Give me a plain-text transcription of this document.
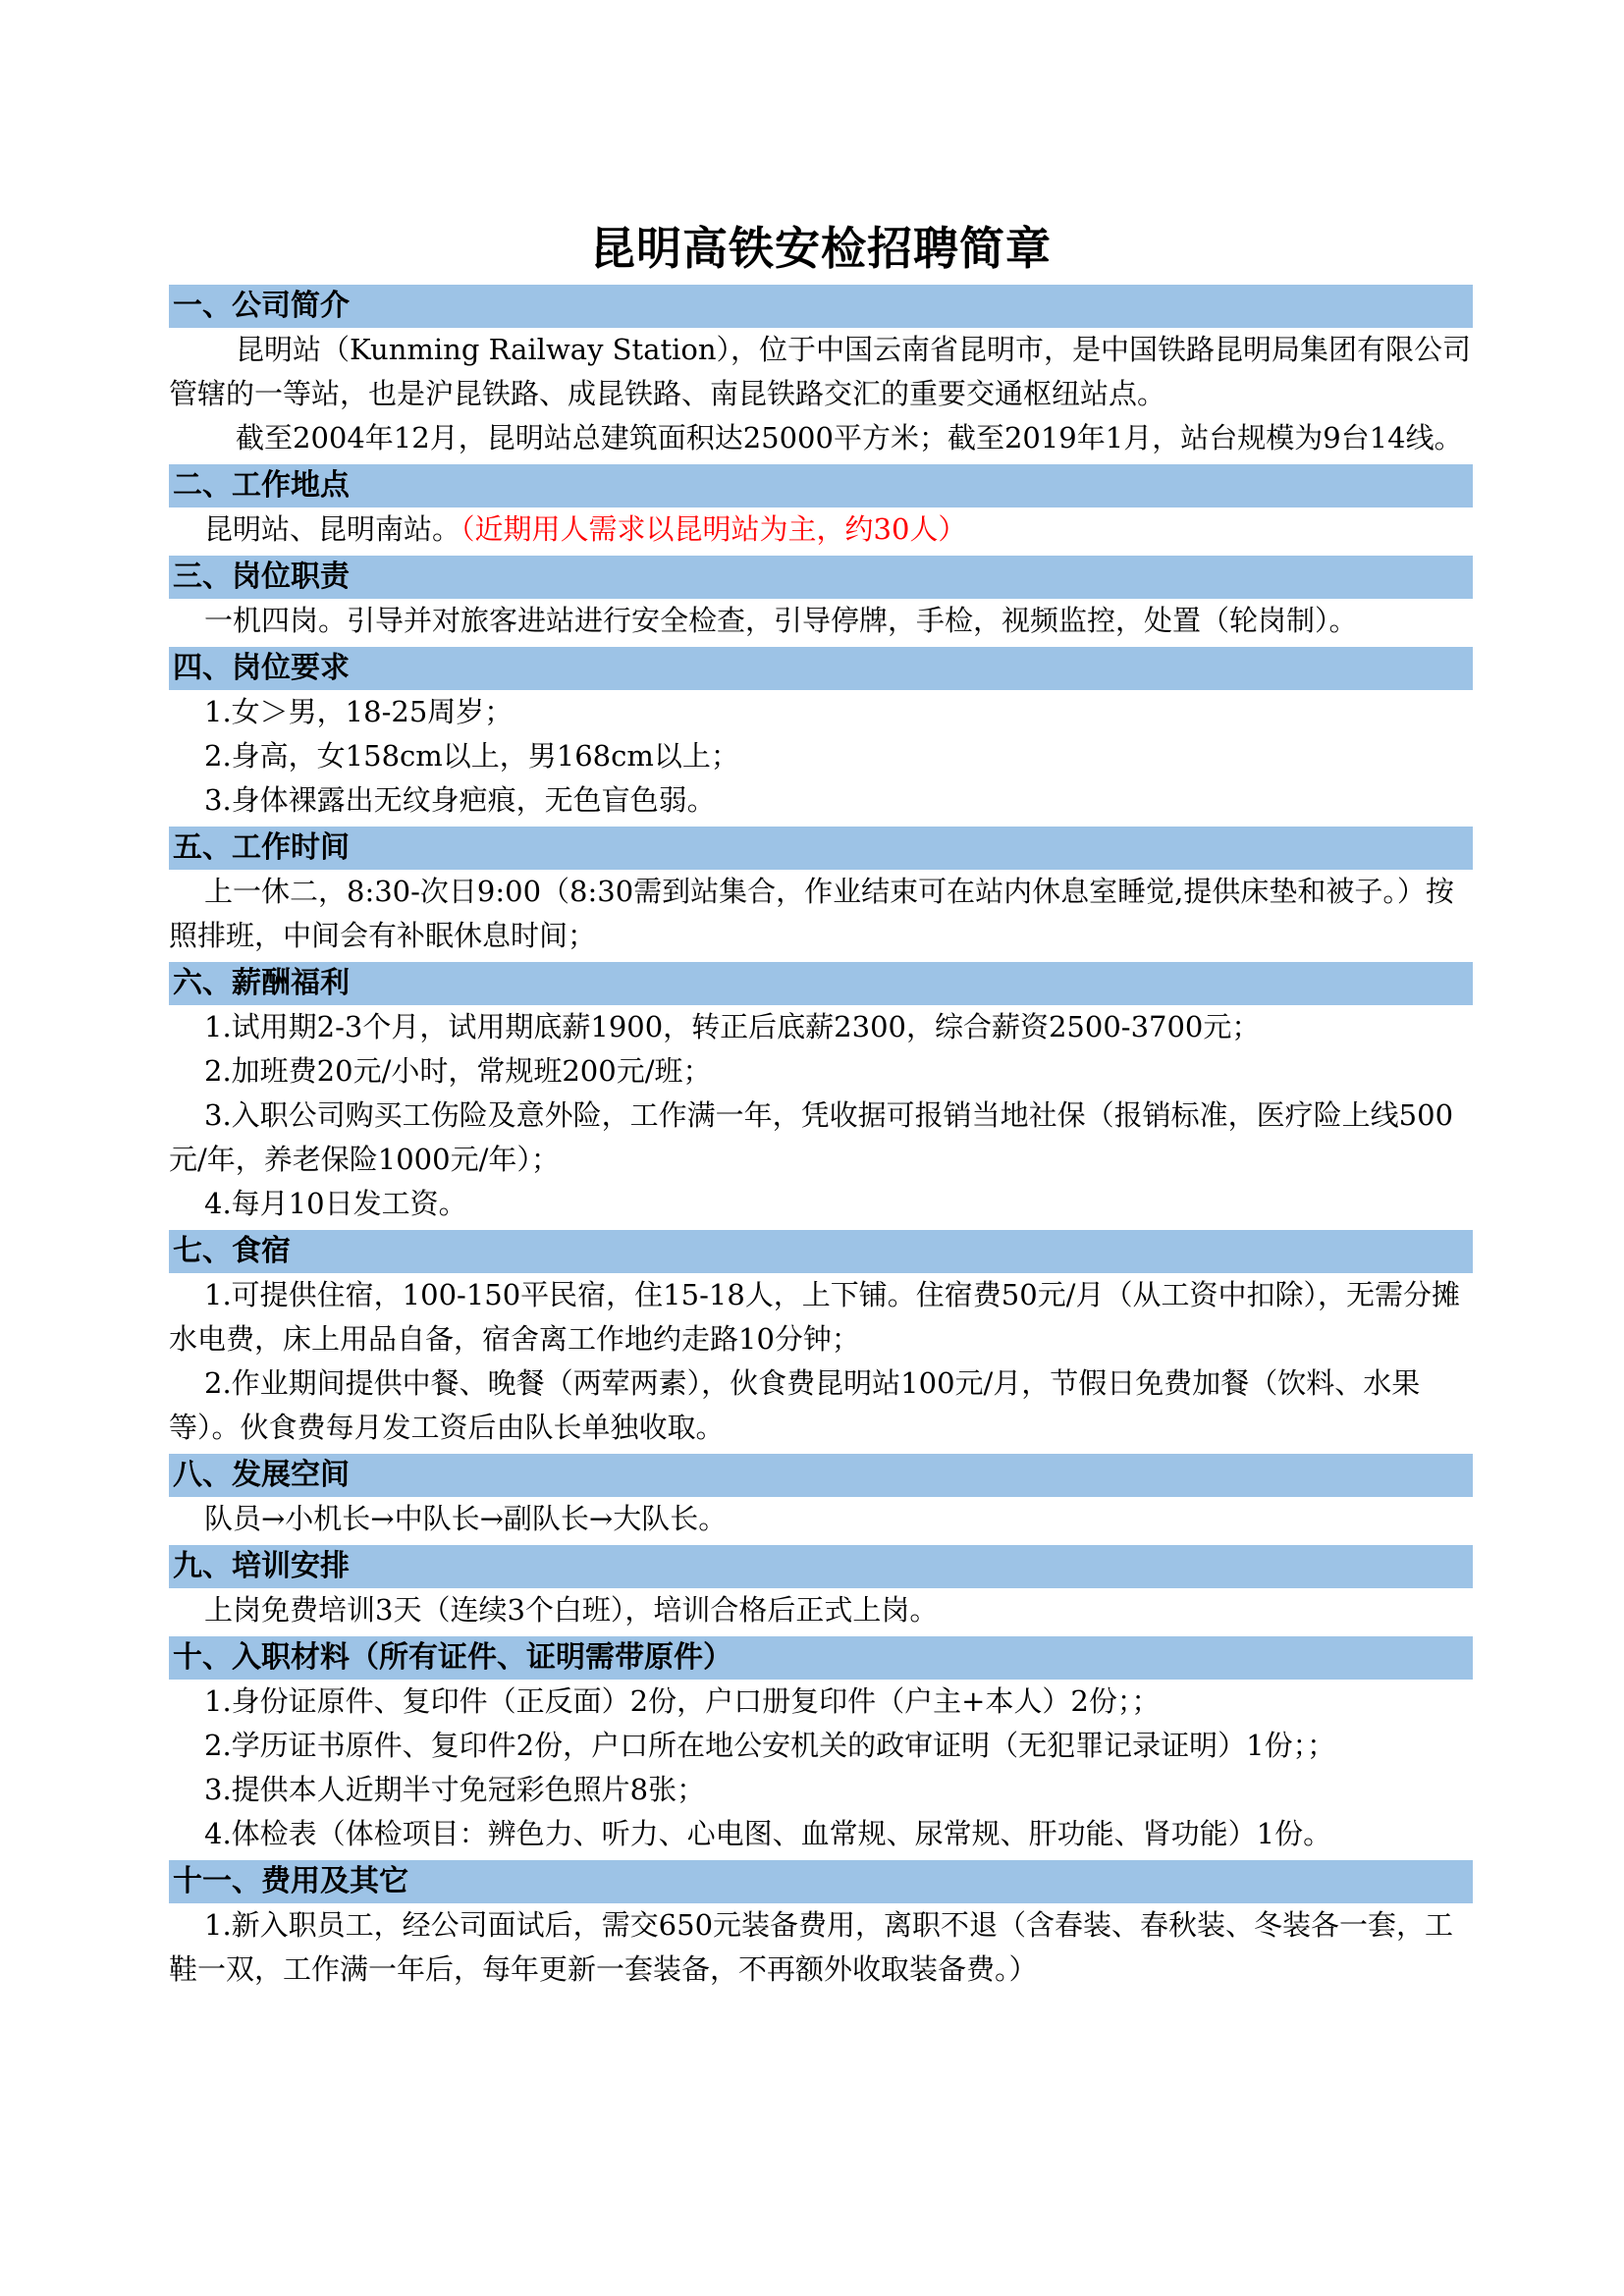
昆明高铁安检招聘简章
一、公司简介

昆明站（Kunming Railway Station），位于中国云南省昆明市，是中国铁路昆明局集团有限公司管辖的一等站，也是沪昆铁路、成昆铁路、南昆铁路交汇的重要交通枢纽站点。

截至2004年12月，昆明站总建筑面积达25000平方米；截至2019年1月，站台规模为9台14线。

二、工作地点

昆明站、昆明南站。（近期用人需求以昆明站为主，约30人）

三、岗位职责

一机四岗。引导并对旅客进站进行安全检查，引导停牌，手检，视频监控，处置（轮岗制）。

四、岗位要求

1.女＞男，18-25周岁；

2.身高，女158cm以上，男168cm以上；

3.身体裸露出无纹身疤痕，无色盲色弱。

五、工作时间

上一休二，8:30-次日9:00（8:30需到站集合，作业结束可在站内休息室睡觉,提供床垫和被子。）按照排班，中间会有补眠休息时间；

六、薪酬福利

1.试用期2-3个月，试用期底薪1900，转正后底薪2300，综合薪资2500-3700元；

2.加班费20元/小时，常规班200元/班；

3.入职公司购买工伤险及意外险，工作满一年，凭收据可报销当地社保（报销标准，医疗险上线500元/年，养老保险1000元/年）；

4.每月10日发工资。

七、食宿

1.可提供住宿，100-150平民宿，住15-18人，上下铺。住宿费50元/月（从工资中扣除），无需分摊水电费，床上用品自备，宿舍离工作地约走路10分钟；

2.作业期间提供中餐、晚餐（两荤两素），伙食费昆明站100元/月，节假日免费加餐（饮料、水果等）。伙食费每月发工资后由队长单独收取。

八、发展空间

队员→小机长→中队长→副队长→大队长。

九、培训安排

上岗免费培训3天（连续3个白班），培训合格后正式上岗。

十、入职材料（所有证件、证明需带原件）

1.身份证原件、复印件（正反面）2份，户口册复印件（户主+本人）2份；；

2.学历证书原件、复印件2份，户口所在地公安机关的政审证明（无犯罪记录证明）1份；；

3.提供本人近期半寸免冠彩色照片8张；

4.体检表（体检项目：辨色力、听力、心电图、血常规、尿常规、肝功能、肾功能）1份。

十一、费用及其它

1.新入职员工，经公司面试后，需交650元装备费用，离职不退（含春装、春秋装、冬装各一套，工鞋一双，工作满一年后，每年更新一套装备，不再额外收取装备费。）
